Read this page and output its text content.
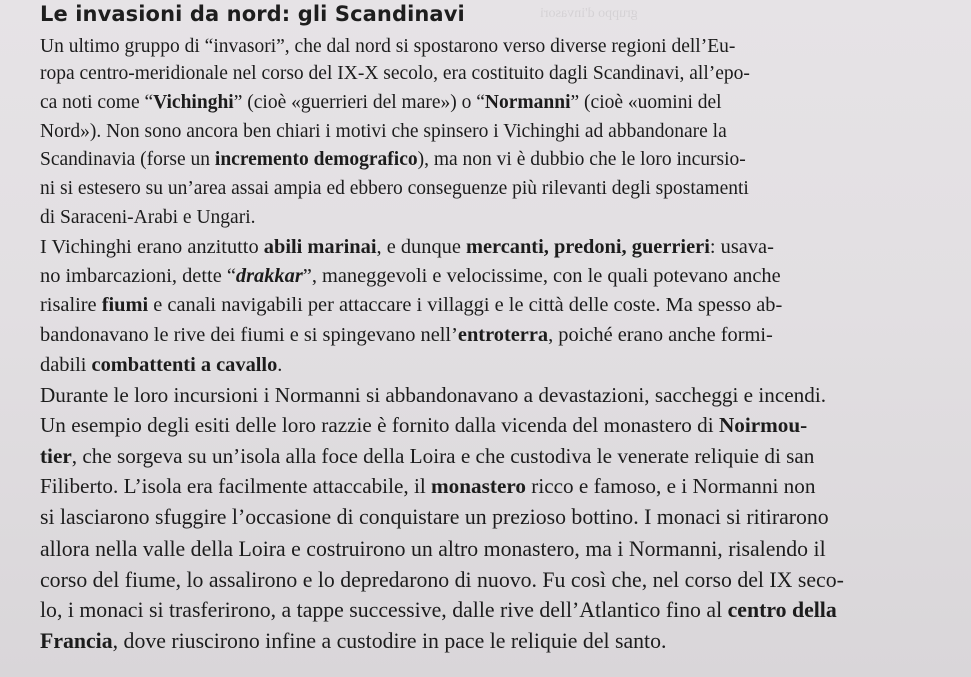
gruppo d'invasori
Le invasioni da nord: gli Scandinavi

Un ultimo gruppo di “invasori”, che dal nord si spostarono verso diverse regioni dell’Eu-

ropa centro-meridionale nel corso del IX-X secolo, era costituito dagli Scandinavi, all’epo-

ca noti come “Vichinghi” (cioè «guerrieri del mare») o “Normanni” (cioè «uomini del

Nord»). Non sono ancora ben chiari i motivi che spinsero i Vichinghi ad abbandonare la

Scandinavia (forse un incremento demografico), ma non vi è dubbio che le loro incursio-

ni si estesero su un’area assai ampia ed ebbero conseguenze più rilevanti degli spostamenti

di Saraceni-Arabi e Ungari.

I Vichinghi erano anzitutto abili marinai, e dunque mercanti, predoni, guerrieri: usava-

no imbarcazioni, dette “drakkar”, maneggevoli e velocissime, con le quali potevano anche

risalire fiumi e canali navigabili per attaccare i villaggi e le città delle coste. Ma spesso ab-

bandonavano le rive dei fiumi e si spingevano nell’entroterra, poiché erano anche formi-

dabili combattenti a cavallo.

Durante le loro incursioni i Normanni si abbandonavano a devastazioni, saccheggi e incendi.

Un esempio degli esiti delle loro razzie è fornito dalla vicenda del monastero di Noirmou-

tier, che sorgeva su un’isola alla foce della Loira e che custodiva le venerate reliquie di san

Filiberto. L’isola era facilmente attaccabile, il monastero ricco e famoso, e i Normanni non

si lasciarono sfuggire l’occasione di conquistare un prezioso bottino. I monaci si ritirarono

allora nella valle della Loira e costruirono un altro monastero, ma i Normanni, risalendo il

corso del fiume, lo assalirono e lo depredarono di nuovo. Fu così che, nel corso del IX seco-

lo, i monaci si trasferirono, a tappe successive, dalle rive dell’Atlantico fino al centro della

Francia, dove riuscirono infine a custodire in pace le reliquie del santo.
